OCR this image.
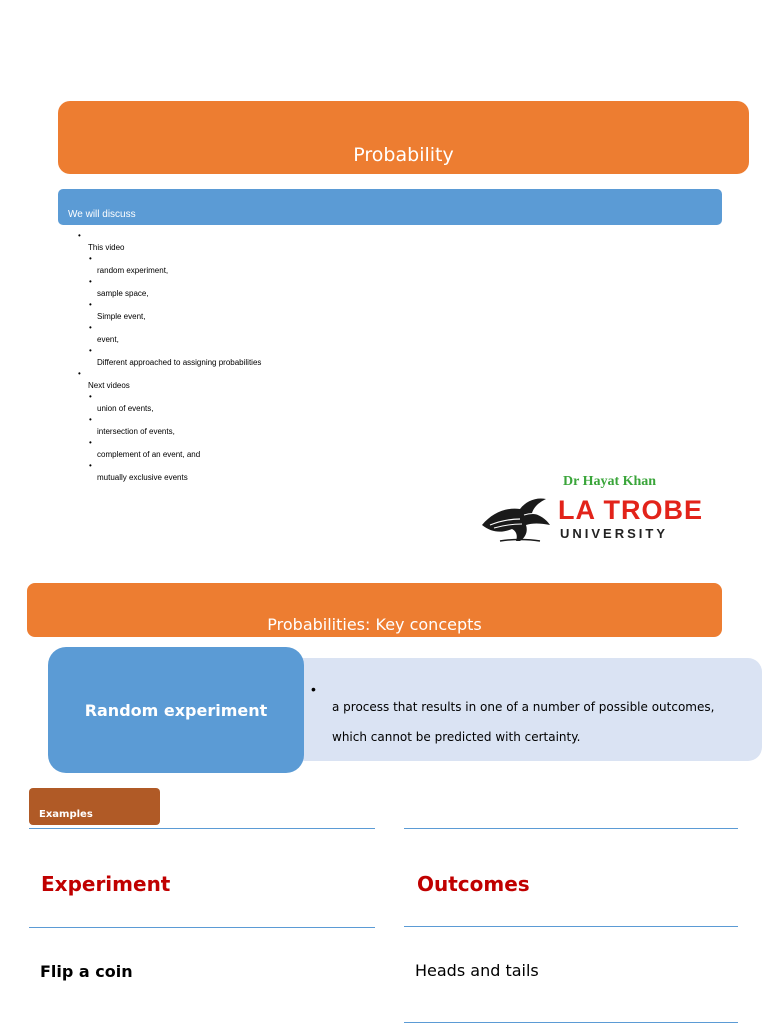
Probability
We will discuss
•
This video
•
random experiment,
•
sample space,
•
Simple event,
•
event,
•
Different approached to assigning probabilities
•
Next videos
•
union of events,
•
intersection of events,
•
complement of an event, and
•
mutually exclusive events	Dr Hayat Khan
LA TROBE
UNIVERSITY
Probabilities: Key concepts
•
a process that results in one of a number of possible outcomes, which cannot be predicted with certainty.
Random experiment
Examples
Experiment	Outcomes
Flip a coin	Heads and tails
